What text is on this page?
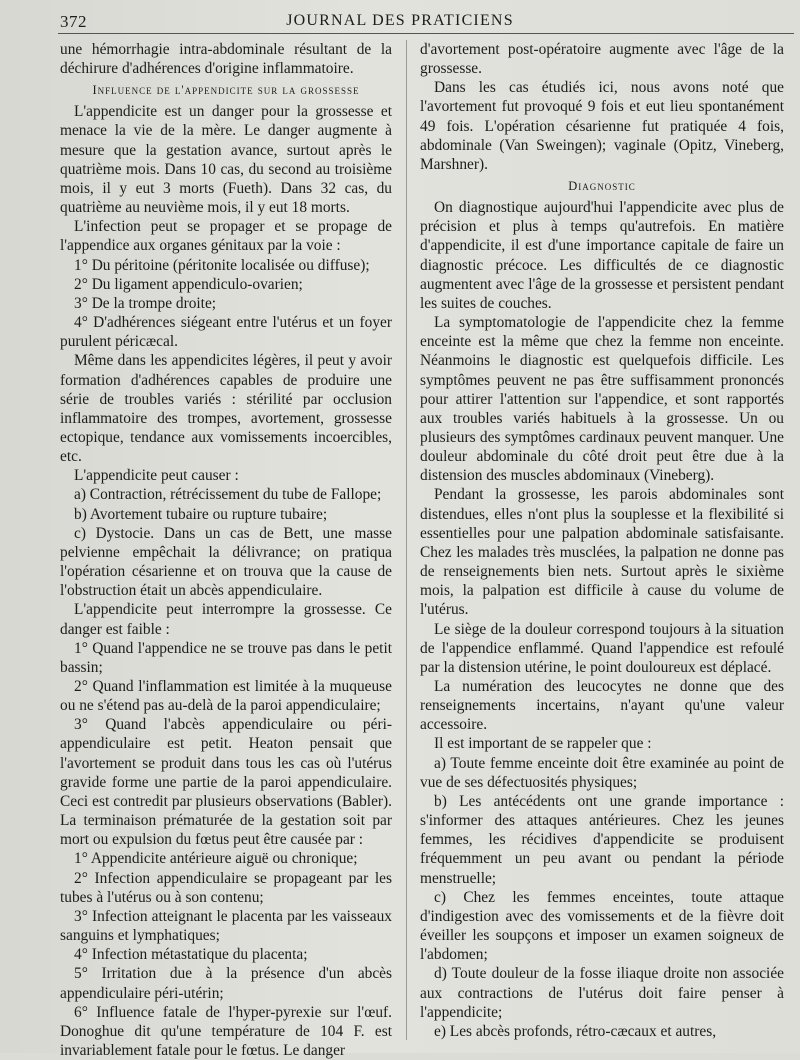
372	JOURNAL DES PRATICIENS

une hémorrhagie intra-abdominale résultant de la déchirure d'adhérences d'origine inflammatoire.

Influence de l'appendicite sur la grossesse

L'appendicite est un danger pour la grossesse et menace la vie de la mère. Le danger augmente à mesure que la gestation avance, surtout après le quatrième mois. Dans 10 cas, du second au troisième mois, il y eut 3 morts (Fueth). Dans 32 cas, du quatrième au neuvième mois, il y eut 18 morts.

L'infection peut se propager et se propage de l'appendice aux organes génitaux par la voie :

1° Du péritoine (péritonite localisée ou diffuse);

2° Du ligament appendiculo-ovarien;

3° De la trompe droite;

4° D'adhérences siégeant entre l'utérus et un foyer purulent péricæcal.

Même dans les appendicites légères, il peut y avoir formation d'adhérences capables de produire une série de troubles variés : stérilité par occlusion inflammatoire des trompes, avortement, grossesse ectopique, tendance aux vomissements incoercibles, etc.

L'appendicite peut causer :

a) Contraction, rétrécissement du tube de Fallope;

b) Avortement tubaire ou rupture tubaire;

c) Dystocie. Dans un cas de Bett, une masse pelvienne empêchait la délivrance; on pratiqua l'opération césarienne et on trouva que la cause de l'obstruction était un abcès appendiculaire.

L'appendicite peut interrompre la grossesse. Ce danger est faible :

1° Quand l'appendice ne se trouve pas dans le petit bassin;

2° Quand l'inflammation est limitée à la muqueuse ou ne s'étend pas au-delà de la paroi appendiculaire;

3° Quand l'abcès appendiculaire ou péri-appendiculaire est petit. Heaton pensait que l'avortement se produit dans tous les cas où l'utérus gravide forme une partie de la paroi appendiculaire. Ceci est contredit par plusieurs observations (Babler). La terminaison prématurée de la gestation soit par mort ou expulsion du fœtus peut être causée par :

1° Appendicite antérieure aiguë ou chronique;

2° Infection appendiculaire se propageant par les tubes à l'utérus ou à son contenu;

3° Infection atteignant le placenta par les vaisseaux sanguins et lymphatiques;

4° Infection métastatique du placenta;

5° Irritation due à la présence d'un abcès appendiculaire péri-utérin;

6° Influence fatale de l'hyper-pyrexie sur l'œuf. Donoghue dit qu'une température de 104 F. est invariablement fatale pour le fœtus. Le danger

d'avortement post-opératoire augmente avec l'âge de la grossesse.

Dans les cas étudiés ici, nous avons noté que l'avortement fut provoqué 9 fois et eut lieu spontanément 49 fois. L'opération césarienne fut pratiquée 4 fois, abdominale (Van Sweingen); vaginale (Opitz, Vineberg, Marshner).

Diagnostic

On diagnostique aujourd'hui l'appendicite avec plus de précision et plus à temps qu'autrefois. En matière d'appendicite, il est d'une importance capitale de faire un diagnostic précoce. Les difficultés de ce diagnostic augmentent avec l'âge de la grossesse et persistent pendant les suites de couches.

La symptomatologie de l'appendicite chez la femme enceinte est la même que chez la femme non enceinte. Néanmoins le diagnostic est quelquefois difficile. Les symptômes peuvent ne pas être suffisamment prononcés pour attirer l'attention sur l'appendice, et sont rapportés aux troubles variés habituels à la grossesse. Un ou plusieurs des symptômes cardinaux peuvent manquer. Une douleur abdominale du côté droit peut être due à la distension des muscles abdominaux (Vineberg).

Pendant la grossesse, les parois abdominales sont distendues, elles n'ont plus la souplesse et la flexibilité si essentielles pour une palpation abdominale satisfaisante. Chez les malades très musclées, la palpation ne donne pas de renseignements bien nets. Surtout après le sixième mois, la palpation est difficile à cause du volume de l'utérus.

Le siège de la douleur correspond toujours à la situation de l'appendice enflammé. Quand l'appendice est refoulé par la distension utérine, le point douloureux est déplacé.

La numération des leucocytes ne donne que des renseignements incertains, n'ayant qu'une valeur accessoire.

Il est important de se rappeler que :

a) Toute femme enceinte doit être examinée au point de vue de ses défectuosités physiques;

b) Les antécédents ont une grande importance : s'informer des attaques antérieures. Chez les jeunes femmes, les récidives d'appendicite se produisent fréquemment un peu avant ou pendant la période menstruelle;

c) Chez les femmes enceintes, toute attaque d'indigestion avec des vomissements et de la fièvre doit éveiller les soupçons et imposer un examen soigneux de l'abdomen;

d) Toute douleur de la fosse iliaque droite non associée aux contractions de l'utérus doit faire penser à l'appendicite;

e) Les abcès profonds, rétro-cæcaux et autres,
